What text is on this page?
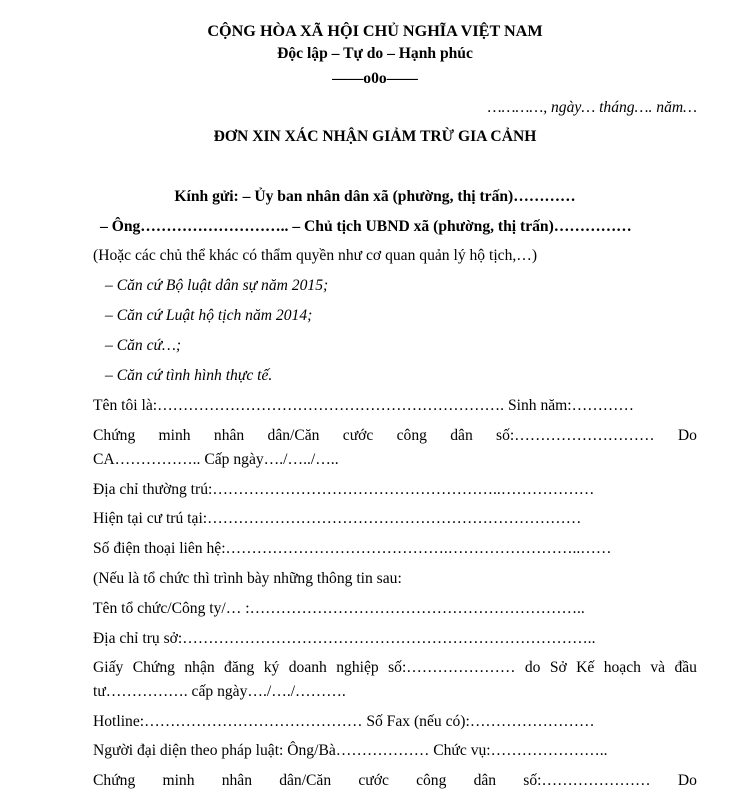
CỘNG HÒA XÃ HỘI CHỦ NGHĨA VIỆT NAM
Độc lập – Tự do – Hạnh phúc
——o0o——
…………, ngày… tháng…. năm…
ĐƠN XIN XÁC NHẬN GIẢM TRỪ GIA CẢNH
Kính gửi: – Ủy ban nhân dân xã (phường, thị trấn)…………
– Ông……………………….. – Chủ tịch UBND xã (phường, thị trấn)……………
(Hoặc các chủ thể khác có thẩm quyền như cơ quan quản lý hộ tịch,…)
– Căn cứ Bộ luật dân sự năm 2015;
– Căn cứ Luật hộ tịch năm 2014;
– Căn cứ…;
– Căn cứ tình hình thực tế.
Tên tôi là:…………………………………………………………. Sinh năm:…………
Chứng minh nhân dân/Căn cước công dân số:……………………… Do
CA…………….. Cấp ngày…./…../…..
Địa chỉ thường trú:………………………………………………..………………
Hiện tại cư trú tại:………………………………………………………………
Số điện thoại liên hệ:…………………………………….……………………..……
(Nếu là tổ chức thì trình bày những thông tin sau:
Tên tổ chức/Công ty/… :………………………………………………………..
Địa chỉ trụ sở:……………………………………………………………………..
Giấy Chứng nhận đăng ký doanh nghiệp số:………………… do Sở Kế hoạch và đầu
tư……………. cấp ngày…./…./……….
Hotline:…………………………………… Số Fax (nếu có):……………………
Người đại diện theo pháp luật: Ông/Bà……………… Chức vụ:…………………..
Chứng minh nhân dân/Căn cước công dân số:………………… Do
